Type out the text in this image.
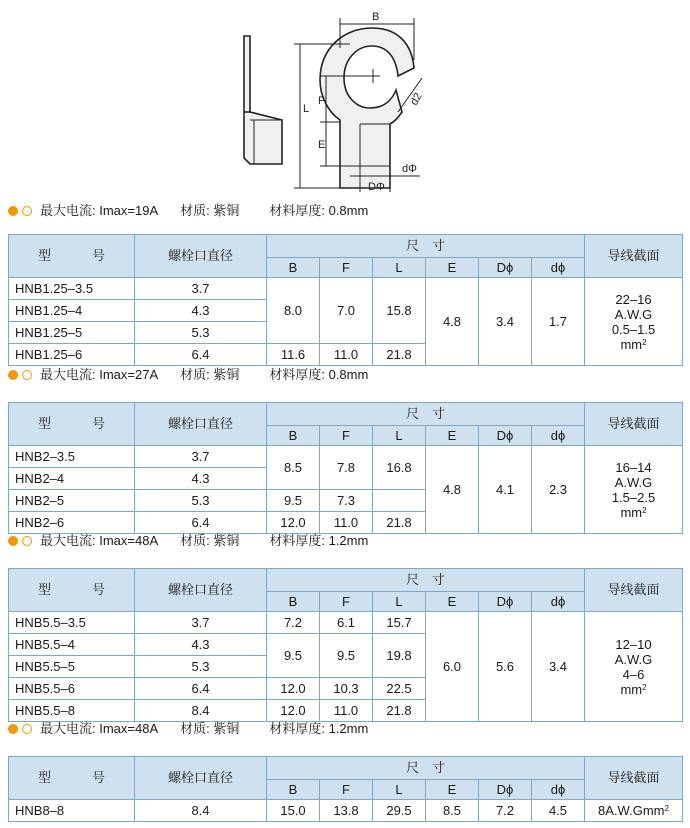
B
L
F
E
d2
DΦ
dΦ
最大电流: Imax=19A 材质: 紫铜 材料厚度: 0.8mm
型　号	螺栓口直径	尺　寸						导线截面
		B	F	L	E	Dϕ	dϕ	
HNB1.25–3.5	3.7	8.0	7.0	15.8	4.8	3.4	1.7	22–16
A.W.G
0.5–1.5
$mm^2$
HNB1.25–4	4.3							
HNB1.25–5	5.3							
HNB1.25–6	6.4	11.6	11.0	21.8				
最大电流: Imax=27A 材质: 紫铜 材料厚度: 0.8mm
型　号	螺栓口直径	尺　寸						导线截面
		B	F	L	E	Dϕ	dϕ	
HNB2–3.5	3.7	8.5	7.8	16.8	4.8	4.1	2.3	16–14
A.W.G
1.5–2.5
$mm^2$
HNB2–4	4.3							
HNB2–5	5.3	9.5	7.3					
HNB2–6	6.4	12.0	11.0	21.8				
最大电流: Imax=48A 材质: 紫铜 材料厚度: 1.2mm
型　号	螺栓口直径	尺　寸						导线截面
		B	F	L	E	Dϕ	dϕ	
HNB5.5–3.5	3.7	7.2	6.1	15.7	6.0	5.6	3.4	12–10
A.W.G
4–6
$mm^2$
HNB5.5–4	4.3	9.5	9.5	19.8				
HNB5.5–5	5.3							
HNB5.5–6	6.4	12.0	10.3	22.5				
HNB5.5–8	8.4	12.0	11.0	21.8				
最大电流: Imax=48A 材质: 紫铜 材料厚度: 1.2mm
型　号	螺栓口直径	尺　寸						导线截面
		B	F	L	E	Dϕ	dϕ	
HNB8–8	8.4	15.0	13.8	29.5	8.5	7.2	4.5	8A.W.Gmm$^2$
